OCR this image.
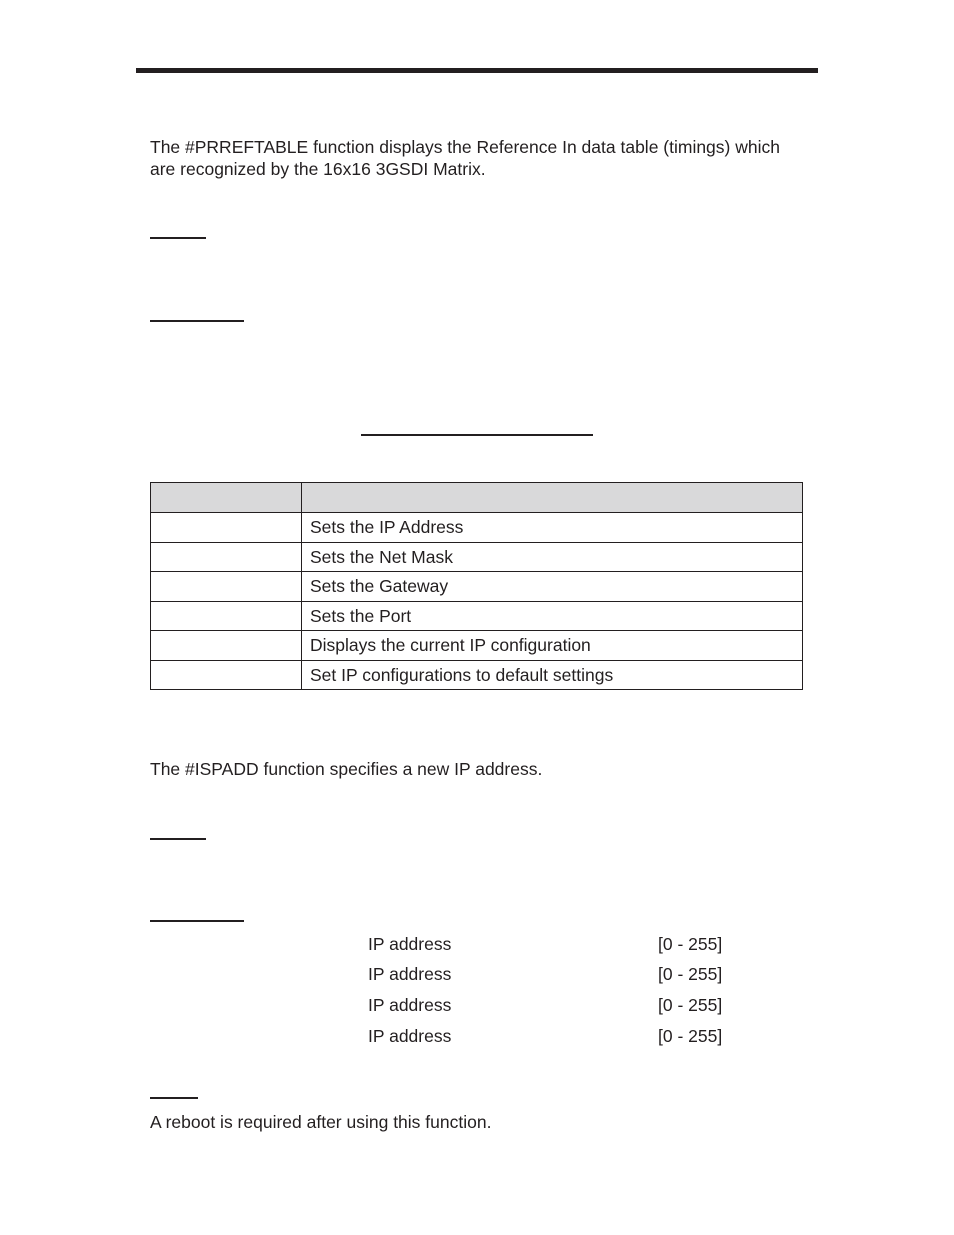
The #PRREFTABLE function displays the Reference In data table (timings) which are recognized by the 16x16 3GSDI Matrix.

	Sets the IP Address
	Sets the Net Mask
	Sets the Gateway
	Sets the Port
	Displays the current IP configuration
	Set IP configurations to default settings

The #ISPADD function specifies a new IP address.

IP address	[0 - 255]
IP address	[0 - 255]
IP address	[0 - 255]
IP address	[0 - 255]

A reboot is required after using this function.
